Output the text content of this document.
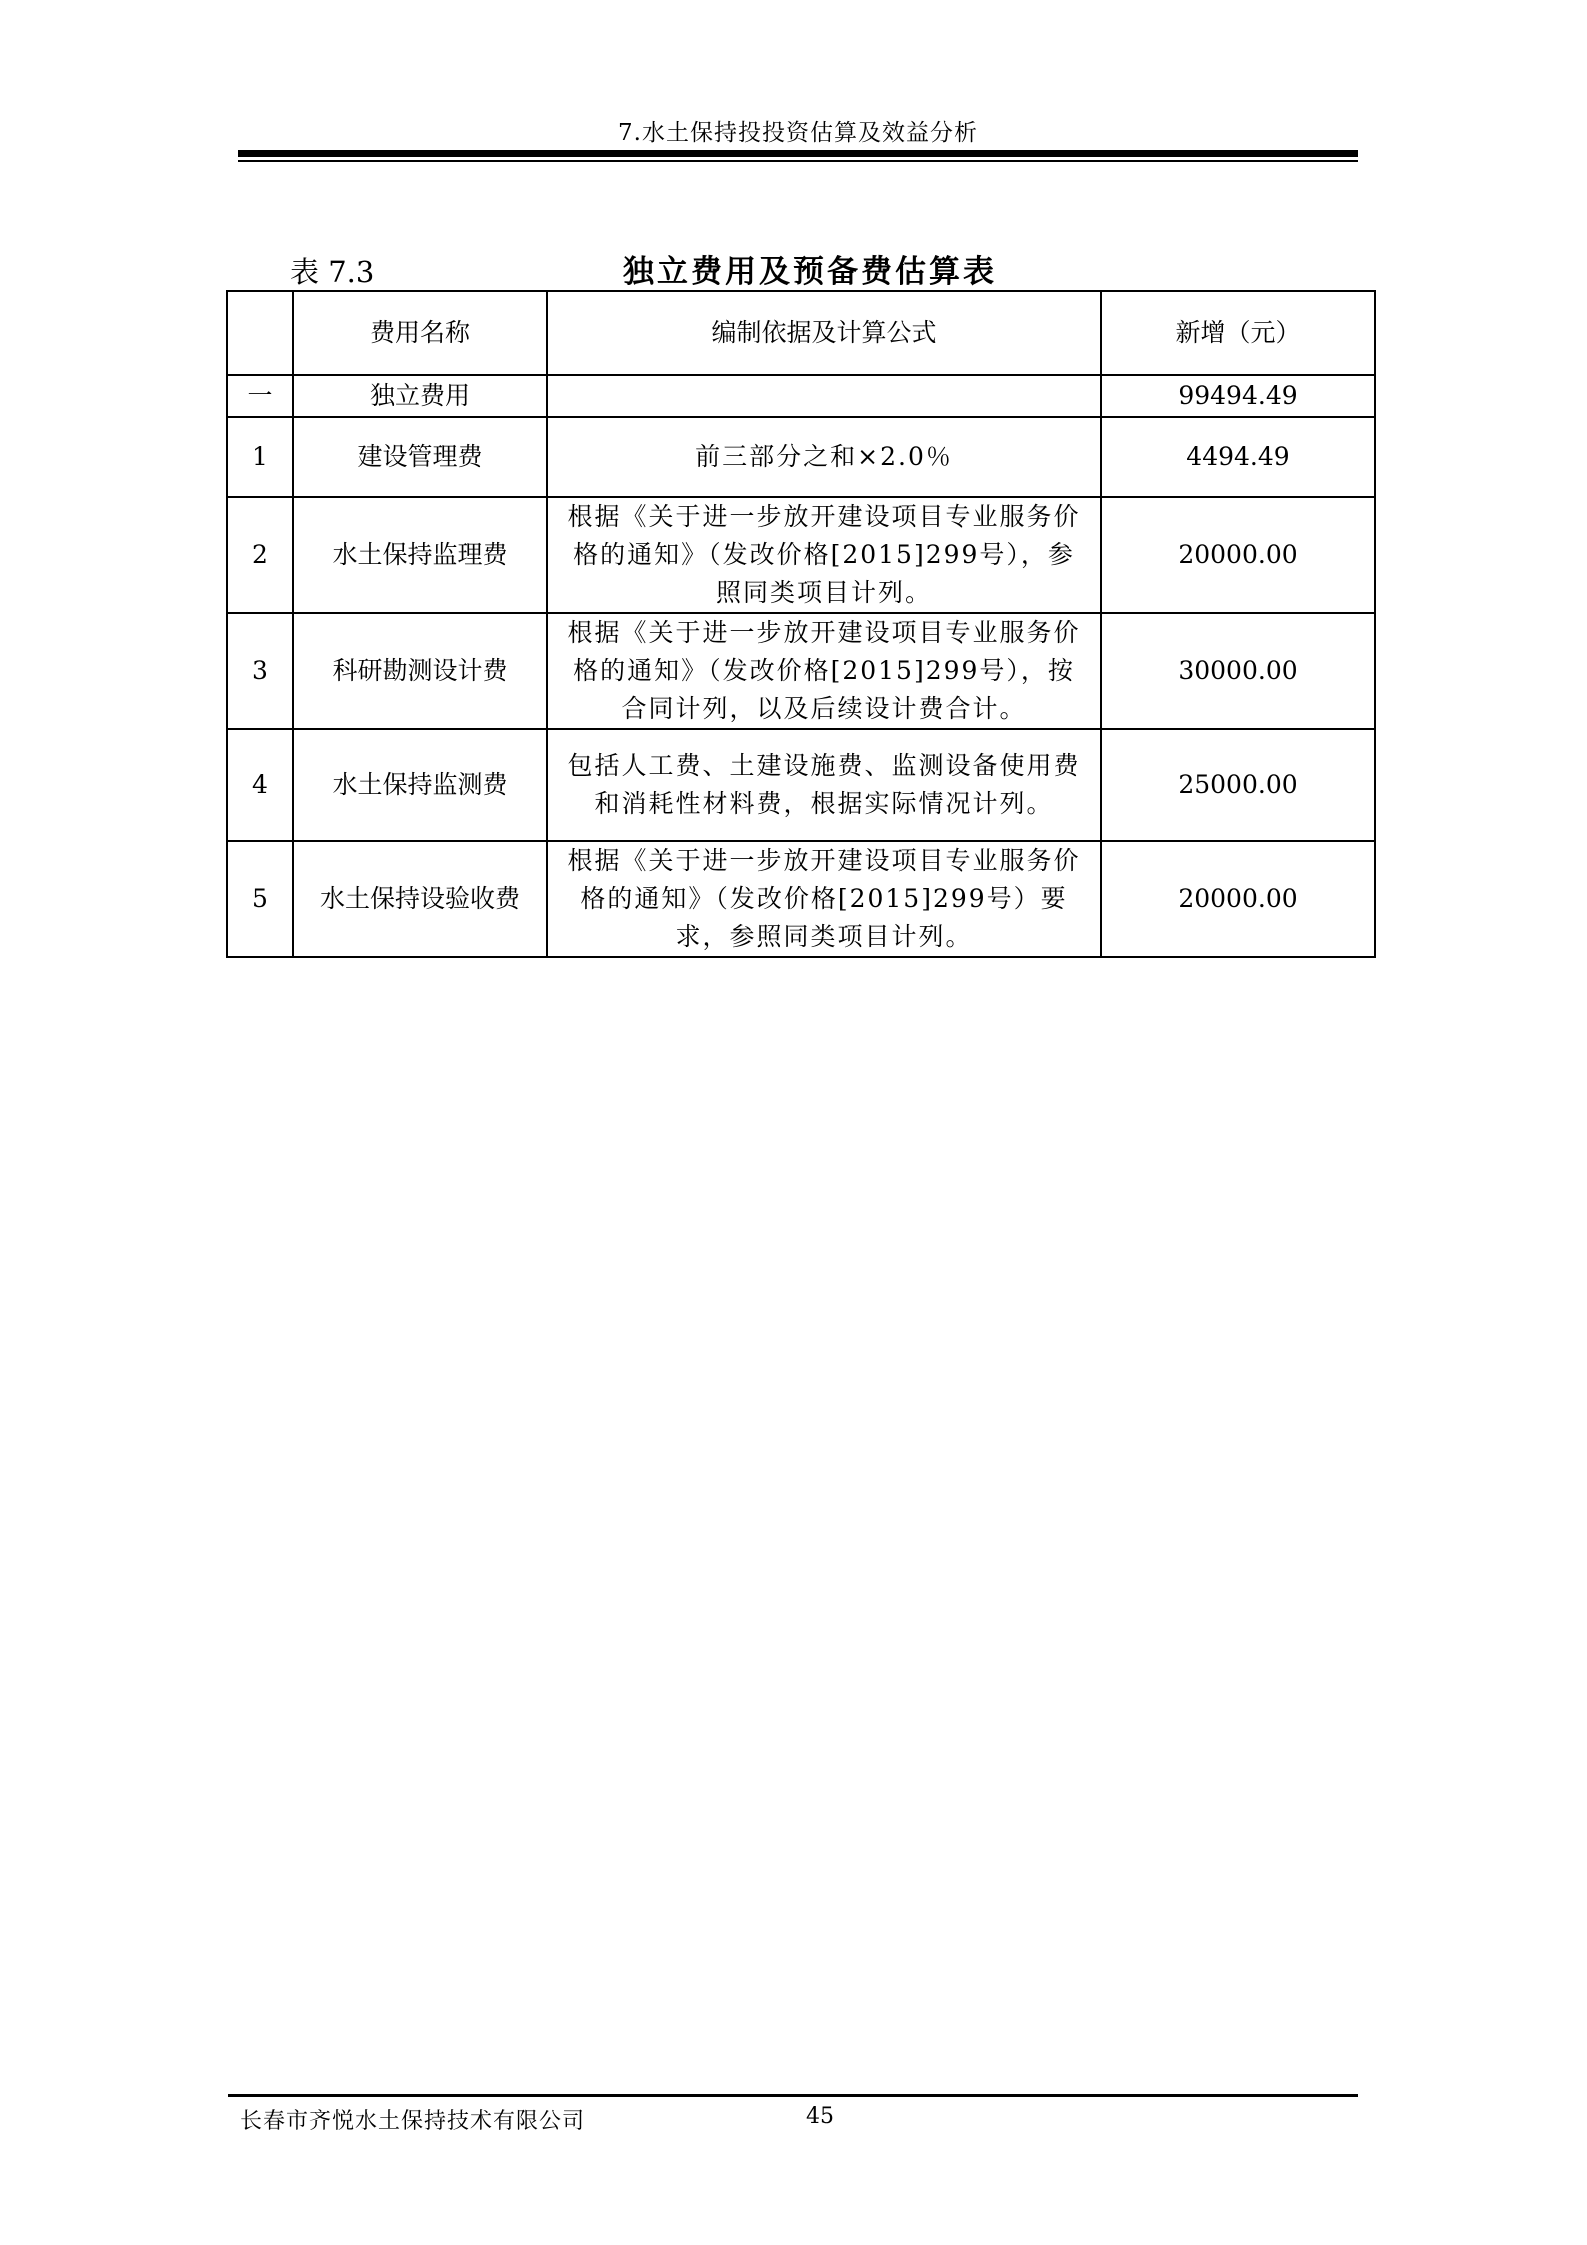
7.水土保持投投资估算及效益分析
表 7.3	独立费用及预备费估算表
	费用名称	编制依据及计算公式	新增（元）
一	独立费用		99494.49
1	建设管理费	前三部分之和×2.0％	4494.49
2	水土保持监理费	根据《关于进一步放开建设项目专业服务价格的通知》（发改价格[2015]299号），参照同类项目计列。	20000.00
3	科研勘测设计费	根据《关于进一步放开建设项目专业服务价格的通知》（发改价格[2015]299号），按合同计列，以及后续设计费合计。	30000.00
4	水土保持监测费	包括人工费、土建设施费、监测设备使用费和消耗性材料费，根据实际情况计列。	25000.00
5	水土保持设验收费	根据《关于进一步放开建设项目专业服务价格的通知》（发改价格[2015]299号）要求，参照同类项目计列。	20000.00
长春市齐悦水土保持技术有限公司	45
